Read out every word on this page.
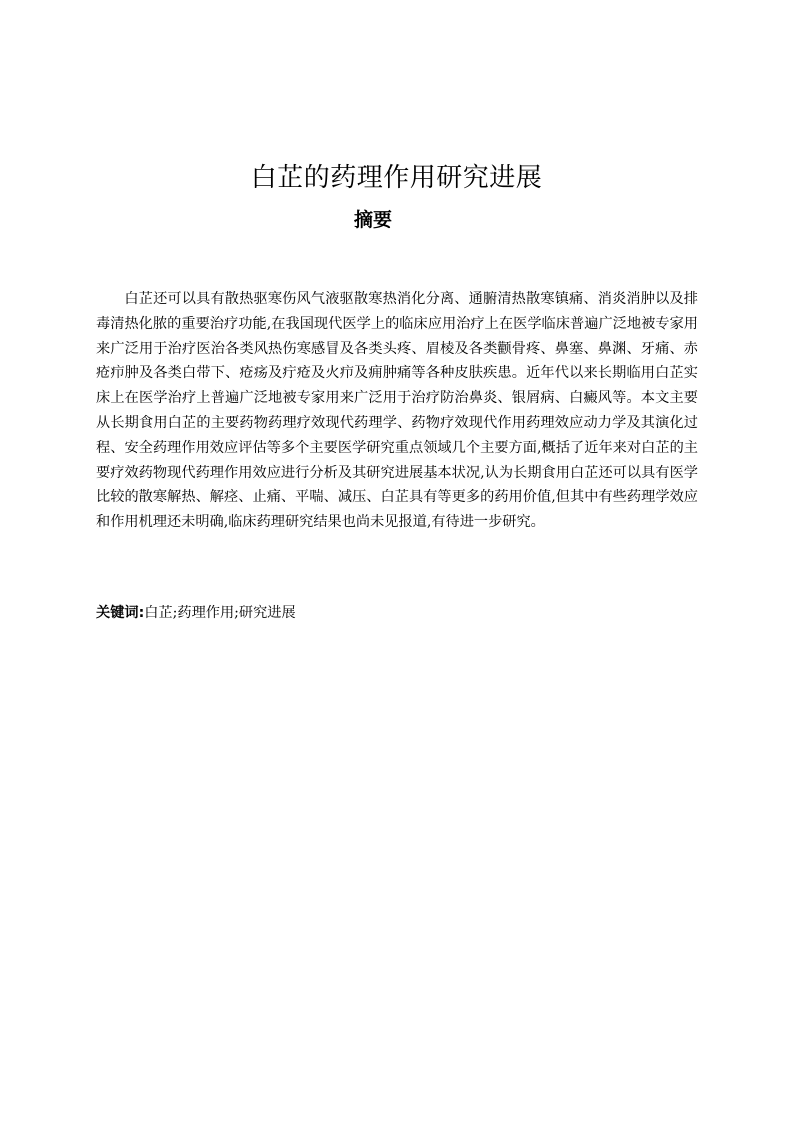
白芷的药理作用研究进展
摘要

白芷还可以具有散热驱寒伤风气液驱散寒热消化分离、通腑清热散寒镇痛、消炎消肿以及排毒清热化脓的重要治疗功能,在我国现代医学上的临床应用治疗上在医学临床普遍广泛地被专家用来广泛用于治疗医治各类风热伤寒感冒及各类头疼、眉棱及各类颧骨疼、鼻塞、鼻渊、牙痛、赤疮疖肿及各类白带下、疮疡及疔疮及火疖及痈肿痛等各种皮肤疾患。近年代以来长期临用白芷实床上在医学治疗上普遍广泛地被专家用来广泛用于治疗防治鼻炎、银屑病、白癜风等。本文主要从长期食用白芷的主要药物药理疗效现代药理学、药物疗效现代作用药理效应动力学及其演化过程、安全药理作用效应评估等多个主要医学研究重点领域几个主要方面,概括了近年来对白芷的主要疗效药物现代药理作用效应进行分析及其研究进展基本状况,认为长期食用白芷还可以具有医学比较的散寒解热、解痉、止痛、平喘、减压、白芷具有等更多的药用价值,但其中有些药理学效应和作用机理还未明确,临床药理研究结果也尚未见报道,有待进一步研究。

关键词:白芷;药理作用;研究进展
